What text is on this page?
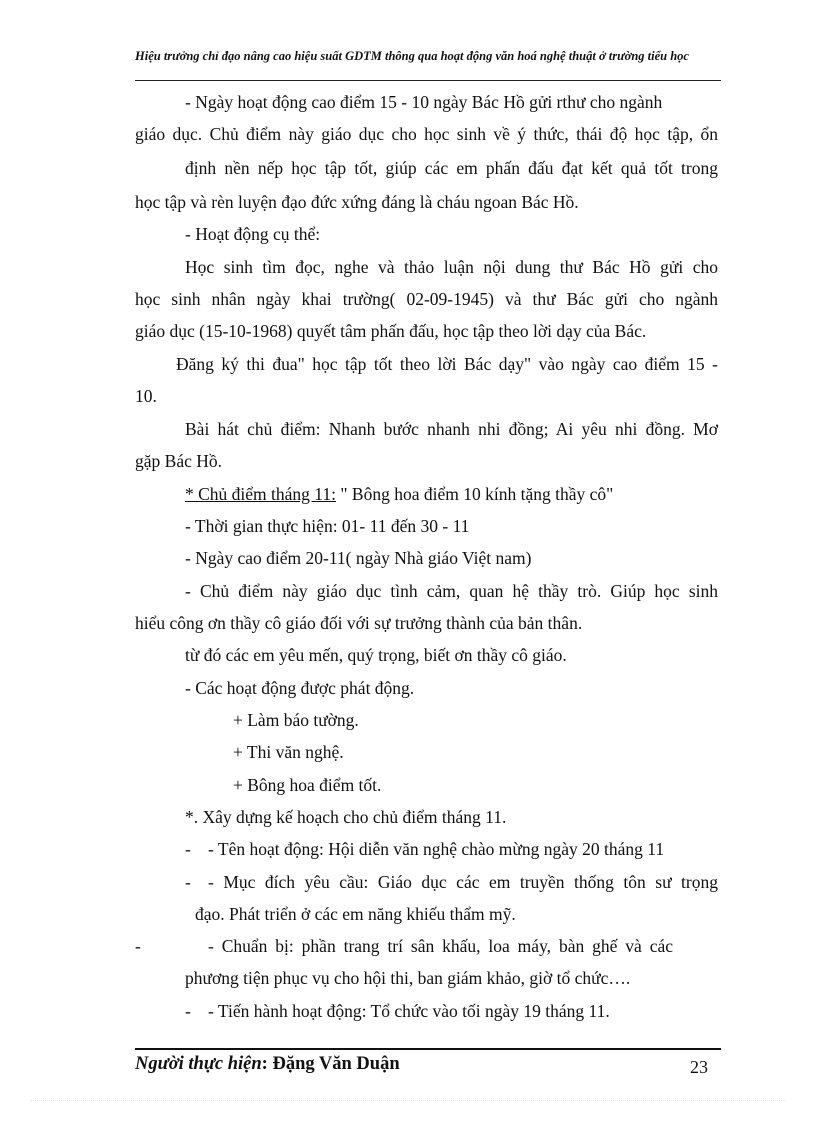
Hiệu trưởng chỉ đạo nâng cao hiệu suất GDTM thông qua hoạt động văn hoá nghệ thuật ở trường tiểu học
- Ngày hoạt động cao điểm 15 - 10 ngày Bác Hồ gửi rthư cho ngành
giáo dục. Chủ điểm này giáo dục cho học sinh về ý thức, thái độ học tập, ổn
định nền nếp học tập tốt, giúp các em phấn đấu đạt kết quả tốt trong
học tập và rèn luyện đạo đức xứng đáng là cháu ngoan Bác Hồ.
- Hoạt động cụ thể:
Học sinh tìm đọc, nghe và thảo luận nội dung thư Bác Hồ gửi cho
học sinh nhân ngày khai trường( 02-09-1945) và thư Bác gửi cho ngành
giáo dục (15-10-1968) quyết tâm phấn đấu, học tập theo lời dạy của Bác.
Đăng ký thi đua" học tập tốt theo lời Bác dạy" vào ngày cao điểm 15 -
10.
Bài hát chủ điểm: Nhanh bước nhanh nhi đồng; Ai yêu nhi đồng. Mơ
gặp Bác Hồ.
* Chủ điểm tháng 11: " Bông hoa điểm 10 kính tặng thầy cô"
- Thời gian thực hiện: 01- 11 đến 30 - 11
- Ngày cao điểm 20-11( ngày Nhà giáo Việt nam)
- Chủ điểm này giáo dục tình cảm, quan hệ thầy trò. Giúp học sinh
hiểu công ơn thầy cô giáo đối với sự trưởng thành của bản thân.
từ đó các em yêu mến, quý trọng, biết ơn thầy cô giáo.
- Các hoạt động được phát động.
+ Làm báo tường.
+ Thi văn nghệ.
+ Bông hoa điểm tốt.
*. Xây dựng kế hoạch cho chủ điểm tháng 11.
- - Tên hoạt động: Hội diễn văn nghệ chào mừng ngày 20 tháng 11
- - Mục đích yêu cầu: Giáo dục các em truyền thống tôn sư trọng
đạo. Phát triển ở các em năng khiếu thẩm mỹ.
-	- Chuẩn bị: phần trang trí sân khấu, loa máy, bàn ghế và các
phương tiện phục vụ cho hội thi, ban giám khảo, giờ tổ chức….
- - Tiến hành hoạt động: Tổ chức vào tối ngày 19 tháng 11.
Người thực hiện: Đặng Văn Duận	23
